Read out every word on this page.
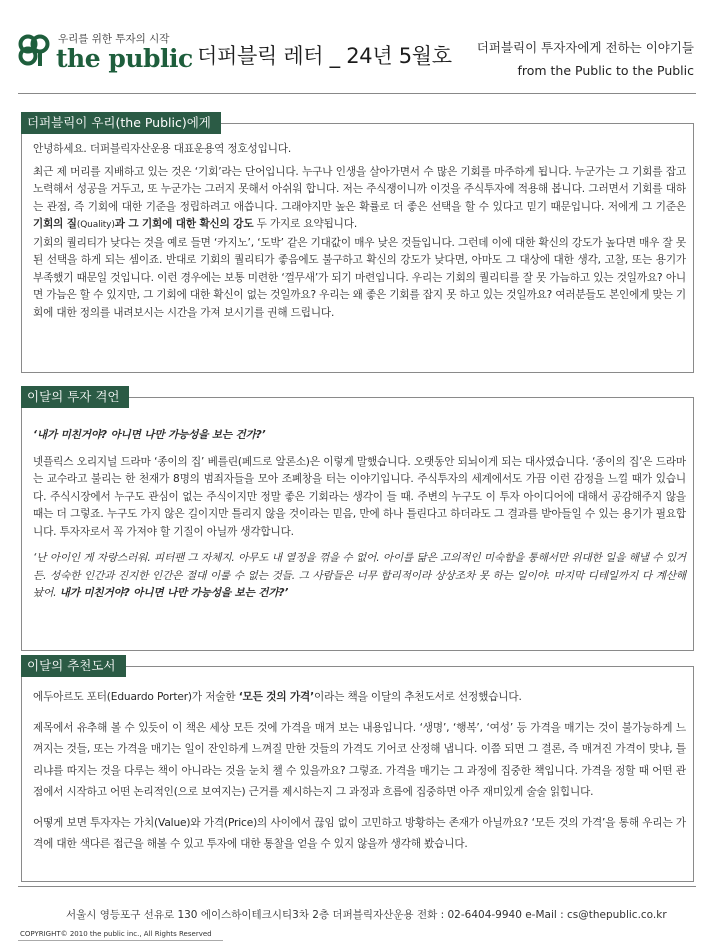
우리를 위한 투자의 시작
the public 더퍼블릭 레터 _ 24년 5월호 더퍼블릭이 투자자에게 전하는 이야기들
from the Public to the Public
더퍼블릭이 우리(the Public)에게

안녕하세요. 더퍼블릭자산운용 대표운용역 정호성입니다.

최근 제 머리를 지배하고 있는 것은 ‘기회’라는 단어입니다. 누구나 인생을 살아가면서 수 많은 기회를 마주하게 됩니다. 누군가는 그 기회를 잡고 노력해서 성공을 거두고, 또 누군가는 그러지 못해서 아쉬워 합니다. 저는 주식쟁이니까 이것을 주식투자에 적용해 봅니다. 그러면서 기회를 대하는 관점, 즉 기회에 대한 기준을 정립하려고 애씁니다. 그래야지만 높은 확률로 더 좋은 선택을 할 수 있다고 믿기 때문입니다. 저에게 그 기준은 기회의 질(Quality)과 그 기회에 대한 확신의 강도 두 가지로 요약됩니다.

기회의 퀄리티가 낮다는 것을 예로 들면 ‘카지노’, ‘도박’ 같은 기대값이 매우 낮은 것들입니다. 그런데 이에 대한 확신의 강도가 높다면 매우 잘 못 된 선택을 하게 되는 셈이죠. 반대로 기회의 퀄리티가 좋음에도 불구하고 확신의 강도가 낮다면, 아마도 그 대상에 대한 생각, 고찰, 또는 용기가 부족했기 때문일 것입니다. 이런 경우에는 보통 미련한 ‘껄무새’가 되기 마련입니다. 우리는 기회의 퀄리티를 잘 못 가늠하고 있는 것일까요? 아니면 가늠은 할 수 있지만, 그 기회에 대한 확신이 없는 것일까요? 우리는 왜 좋은 기회를 잡지 못 하고 있는 것일까요? 여러분들도 본인에게 맞는 기회에 대한 정의를 내려보시는 시간을 가져 보시기를 권해 드립니다.

이달의 투자 격언

‘내가 미친거야? 아니면 나만 가능성을 보는 건가?’

넷플릭스 오리지널 드라마 ‘종이의 집’ 베를린(페드로 알론소)은 이렇게 말했습니다. 오랫동안 되뇌이게 되는 대사였습니다. ‘종이의 집’은 드라마는 교수라고 불리는 한 천재가 8명의 범죄자들을 모아 조폐창을 터는 이야기입니다. 주식투자의 세계에서도 가끔 이런 감정을 느낄 때가 있습니다. 주식시장에서 누구도 관심이 없는 주식이지만 정말 좋은 기회라는 생각이 들 때. 주변의 누구도 이 투자 아이디어에 대해서 공감해주지 않을 때는 더 그렇죠. 누구도 가지 않은 길이지만 틀리지 않을 것이라는 믿음, 만에 하나 틀린다고 하더라도 그 결과를 받아들일 수 있는 용기가 필요합니다. 투자자로서 꼭 가져야 할 기질이 아닐까 생각합니다.

‘난 아이인 게 자랑스러워. 피터팬 그 자체지. 아무도 내 열정을 꺾을 수 없어. 아이를 닮은 고의적인 미숙함을 통해서만 위대한 일을 해낼 수 있거든. 성숙한 인간과 진지한 인간은 절대 이룰 수 없는 것들. 그 사람들은 너무 합리적이라 상상조차 못 하는 일이야. 마지막 디테일까지 다 계산해 놨어. 내가 미친거야? 아니면 나만 가능성을 보는 건가?’

이달의 추천도서

에두아르도 포터(Eduardo Porter)가 저술한 ‘모든 것의 가격’이라는 책을 이달의 추천도서로 선정했습니다.

제목에서 유추해 볼 수 있듯이 이 책은 세상 모든 것에 가격을 매겨 보는 내용입니다. ‘생명’, ‘행복’, ‘여성’ 등 가격을 매기는 것이 불가능하게 느껴지는 것들, 또는 가격을 매기는 일이 잔인하게 느껴질 만한 것들의 가격도 기어코 산정해 냅니다. 이쯤 되면 그 결론, 즉 매겨진 가격이 맞냐, 틀리냐를 따지는 것을 다루는 책이 아니라는 것을 눈치 챌 수 있을까요? 그렇죠. 가격을 매기는 그 과정에 집중한 책입니다. 가격을 정할 때 어떤 관점에서 시작하고 어떤 논리적인(으로 보여지는) 근거를 제시하는지 그 과정과 흐름에 집중하면 아주 재미있게 술술 읽힙니다.

어떻게 보면 투자자는 가치(Value)와 가격(Price)의 사이에서 끊임 없이 고민하고 방황하는 존재가 아닐까요? ‘모든 것의 가격’을 통해 우리는 가격에 대한 색다른 접근을 해볼 수 있고 투자에 대한 통찰을 얻을 수 있지 않을까 생각해 봤습니다.

서울시 영등포구 선유로 130 에이스하이테크시티3차 2층 더퍼블릭자산운용 전화 : 02-6404-9940 e-Mail : cs@thepublic.co.kr
COPYRIGHT© 2010 the public inc., All Rights Reserved
